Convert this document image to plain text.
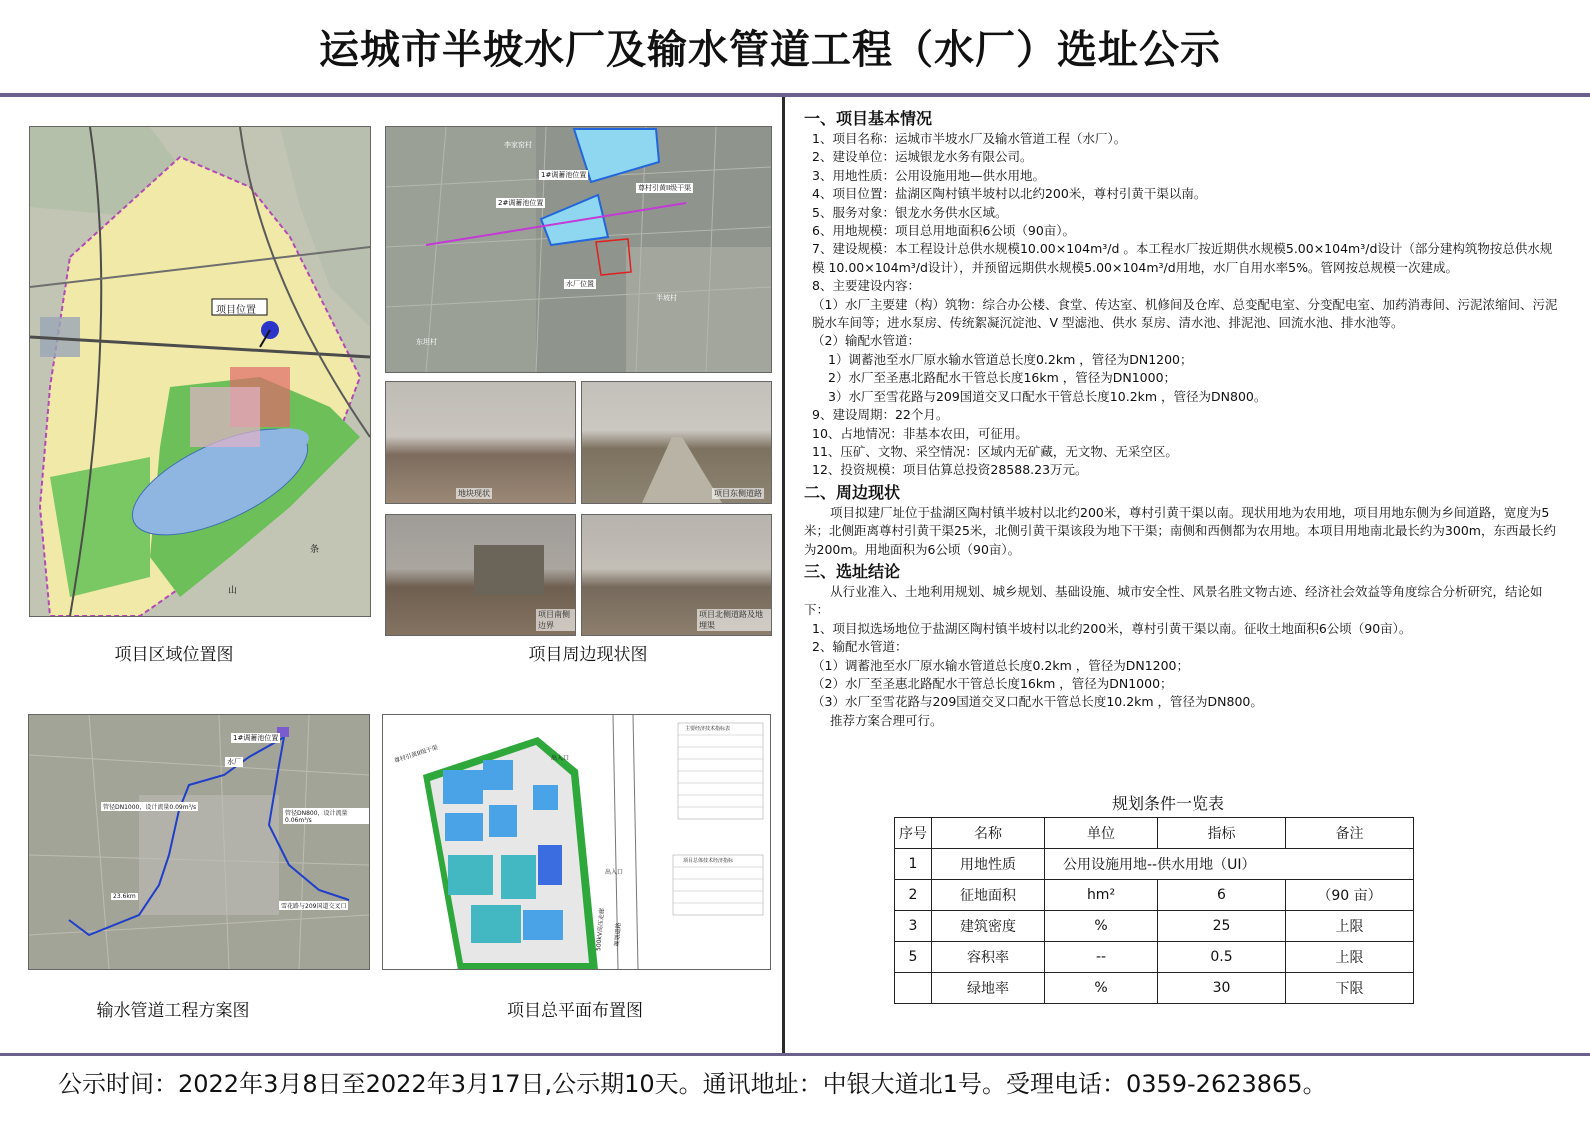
运城市半坡水厂及输水管道工程（水厂）选址公示
项目位置
条
山
项目区域位置图
1#调蓄池位置
2#调蓄池位置
水厂位置
尊村引黄II级干渠
李家窑村
半坡村
东坦村
地块现状	项目东侧道路
项目南侧边界
项目北侧道路及地埋渠
项目周边现状图
1#调蓄池位置
水厂
管径DN1000，设计流量0.09m³/s
管径DN800，设计流量0.06m³/s
23.6km
雪花路与209国道交叉口
输水管道工程方案图
尊村引黄II级干渠	出入口
出入口
500kV高压走廊	规划道路
主要经济技术指标表
项目总体技术经济指标
项目总平面布置图
一、项目基本情况
1、项目名称：运城市半坡水厂及输水管道工程（水厂）。
2、建设单位：运城银龙水务有限公司。
3、用地性质：公用设施用地—供水用地。
4、项目位置：盐湖区陶村镇半坡村以北约200米，尊村引黄干渠以南。
5、服务对象：银龙水务供水区域。
6、用地规模：项目总用地面积6公顷（90亩）。
7、建设规模：本工程设计总供水规模10.00×104m³/d 。本工程水厂按近期供水规模5.00×104m³/d设计（部分建构筑物按总供水规模 10.00×104m³/d设计），并预留远期供水规模5.00×104m³/d用地，水厂自用水率5%。管网按总规模一次建成。
8、主要建设内容：
（1）水厂主要建（构）筑物：综合办公楼、食堂、传达室、机修间及仓库、总变配电室、分变配电室、加药消毒间、污泥浓缩间、污泥脱水车间等；进水泵房、传统絮凝沉淀池、V 型滤池、供水 泵房、清水池、排泥池、回流水池、排水池等。
（2）输配水管道：
1）调蓄池至水厂原水输水管道总长度0.2km ，管径为DN1200；
2）水厂至圣惠北路配水干管总长度16km ，管径为DN1000；
3）水厂至雪花路与209国道交叉口配水干管总长度10.2km ，管径为DN800。
9、建设周期：22个月。
10、占地情况：非基本农田，可征用。
11、压矿、文物、采空情况：区域内无矿藏，无文物、无采空区。
12、投资规模：项目估算总投资28588.23万元。
二、周边现状
项目拟建厂址位于盐湖区陶村镇半坡村以北约200米，尊村引黄干渠以南。现状用地为农用地，项目用地东侧为乡间道路，宽度为5米；北侧距离尊村引黄干渠25米，北侧引黄干渠该段为地下干渠；南侧和西侧都为农用地。本项目用地南北最长约为300m，东西最长约为200m。用地面积为6公顷（90亩）。
三、选址结论
从行业准入、土地利用规划、城乡规划、基础设施、城市安全性、风景名胜文物古迹、经济社会效益等角度综合分析研究，结论如下：
1、项目拟选场地位于盐湖区陶村镇半坡村以北约200米，尊村引黄干渠以南。征收土地面积6公顷（90亩）。
2、输配水管道：
（1）调蓄池至水厂原水输水管道总长度0.2km ，管径为DN1200；
（2）水厂至圣惠北路配水干管总长度16km ，管径为DN1000；
（3）水厂至雪花路与209国道交叉口配水干管总长度10.2km ，管径为DN800。
推荐方案合理可行。
规划条件一览表
序号	名称	单位	指标	备注
1	用地性质	公用设施用地--供水用地（UI）		
2	征地面积	hm²	6	（90 亩）
3	建筑密度	%	25	上限
5	容积率	--	0.5	上限
	绿地率	%	30	下限
公示时间：2022年3月8日至2022年3月17日,公示期10天。通讯地址：中银大道北1号。受理电话：0359-2623865。
